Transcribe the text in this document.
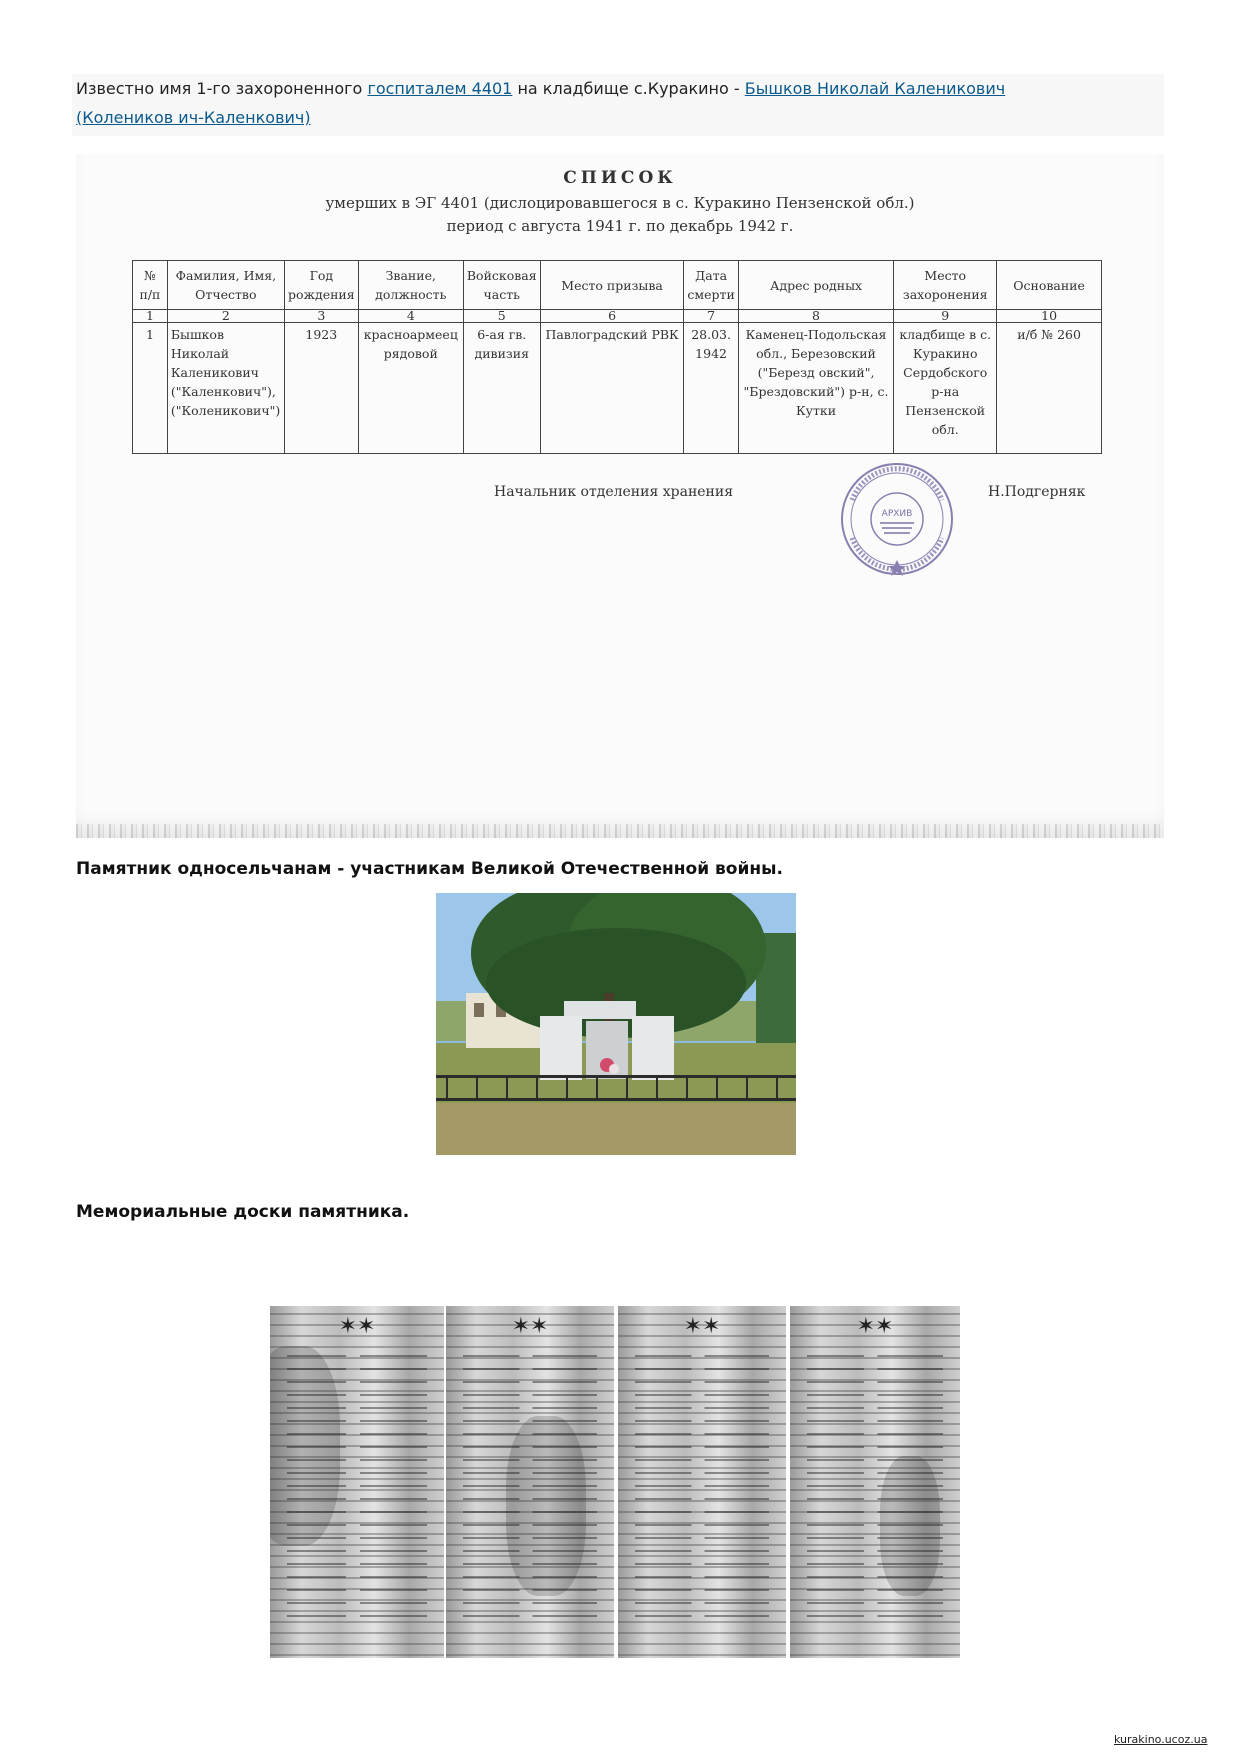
Известно имя 1-го захороненного госпиталем 4401 на кладбище с.Куракино - Бышков Николай Каленикович
(Колеников ич-Каленкович)
СПИСОК
умерших в ЭГ 4401 (дислоцировавшегося в с. Куракино Пензенской обл.)
период с августа 1941 г. по декабрь 1942 г.
№ п/п	Фамилия, Имя, Отчество	Год рождения	Звание, должность	Войсковая часть	Место призыва	Дата смерти	Адрес родных	Место захоронения	Основание
1	2	3	4	5	6	7	8	9	10
1	Бышков Николай Каленикович ("Каленкович"), ("Коленикович")	1923	красноармеец рядовой	6-ая гв. дивизия	Павлоградский РВК	28.03. 1942	Каменец-Подольская обл., Березовский ("Березд овский", "Брездовский") р-н, с. Кутки	кладбище в с. Куракино Сердобского р-на Пензенской обл.	и/б № 260
Начальник отделения хранения
АРХИВ
Н.Подгерняк
Памятник односельчанам - участникам Великой Отечественной войны.
Мемориальные доски памятника.
✶✶	✶✶	✶✶	✶✶
kurakino.ucoz.ua
